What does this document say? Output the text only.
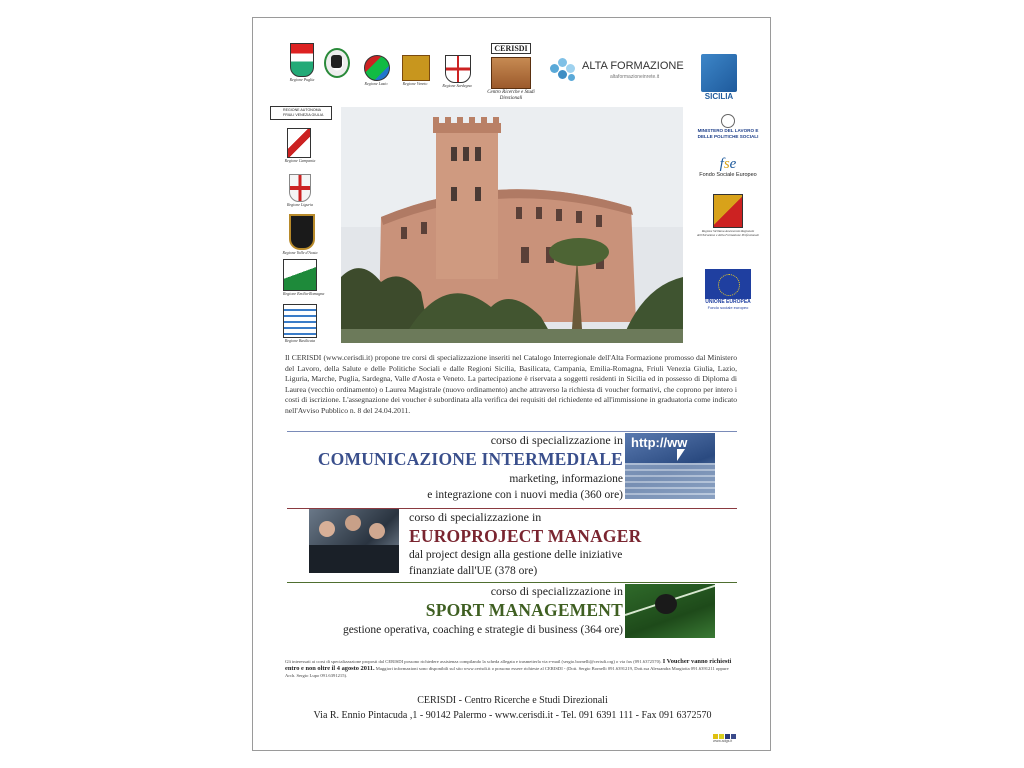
Regione Puglia
Regione Lazio	Regione Veneto	Regione Sardegna
CERISDI
Centro Ricerche e Studi Direzionali
ALTA FORMAZIONE
altaformazioneinrete.it
SICILIA
REGIONE AUTONOMA FRIULI VENEZIA GIULIA
Regione Campania
Regione Liguria
Regione Valle d'Aosta
Regione Emilia-Romagna
Regione Basilicata
MINISTERO DEL LAVORO E DELLE POLITICHE SOCIALI
fse
Fondo Sociale Europeo
Regione Siciliana Assessorato Regionale dell'Istruzione e della Formazione Professionale
UNIONE EUROPEA
Fondo sociale europeo
Il CERISDI (www.cerisdi.it) propone tre corsi di specializzazione inseriti nel Catalogo Interregionale dell'Alta Formazione promosso dal Ministero del Lavoro, della Salute e delle Politiche Sociali e dalle Regioni Sicilia, Basilicata, Campania, Emilia-Romagna, Friuli Venezia Giulia, Lazio, Liguria, Marche, Puglia, Sardegna, Valle d'Aosta e Veneto. La partecipazione è riservata a soggetti residenti in Sicilia ed in possesso di Diploma di Laurea (vecchio ordinamento) o Laurea Magistrale (nuovo ordinamento) anche attraverso la richiesta di voucher formativi, che coprono per intero i costi di iscrizione. L'assegnazione dei voucher è subordinata alla verifica dei requisiti del richiedente ed all'immissione in graduatoria come indicato nell'Avviso Pubblico n. 8 del 24.04.2011.
corso di specializzazione in
COMUNICAZIONE INTERMEDIALE
marketing, informazione
e integrazione con i nuovi media (360 ore)
http://ww
corso di specializzazione in
EUROPROJECT MANAGER
dal project design alla gestione delle iniziative
finanziate dall'UE (378 ore)
corso di specializzazione in
SPORT MANAGEMENT
gestione operativa, coaching e strategie di business (364 ore)
Gli interessati ai corsi di specializzazione proposti dal CERISDI possono richiedere assistenza compilando la scheda allegata e trasmetterla via e-mail (sergio.bornelli@cerisdi.org) o via fax (091.6372570). I Voucher vanno richiesti entro e non oltre il 4 agosto 2011. Maggiori informazioni sono disponibili sul sito www.cerisdi.it o possono essere richieste al CERISDI - (Dott. Sergio Bornelli 091.6391219, Dott.ssa Alessandra Margiotta 091.6391211 oppure Arch. Sergio Lupo 091.6391215).
CERISDI - Centro Ricerche e Studi Direzionali
Via R. Ennio Pintacuda ,1 - 90142 Palermo - www.cerisdi.it - Tel. 091 6391 111 - Fax 091 6372570
www.adgs.it
